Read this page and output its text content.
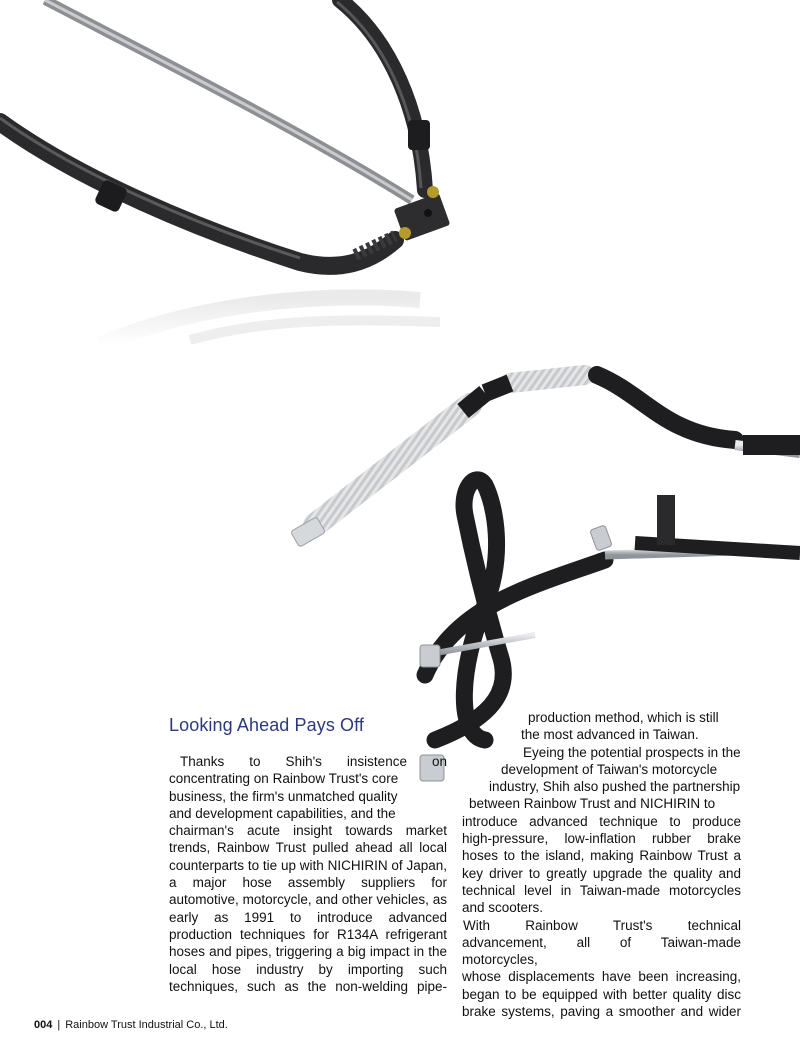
Looking Ahead Pays Off

Thanks to Shih's insistence on

concentrating on Rainbow Trust's core

business, the firm's unmatched quality

and development capabilities, and the

chairman's acute insight towards market

trends, Rainbow Trust pulled ahead all local

counterparts to tie up with NICHIRIN of Japan,

a major hose assembly suppliers for

automotive, motorcycle, and other vehicles, as

early as 1991 to introduce advanced

production techniques for R134A refrigerant

hoses and pipes, triggering a big impact in the

local hose industry by importing such

techniques, such as the non-welding pipe-

production method, which is still

the most advanced in Taiwan.

Eyeing the potential prospects in the

development of Taiwan's motorcycle

industry, Shih also pushed the partnership

between Rainbow Trust and NICHIRIN to

introduce advanced technique to produce

high-pressure, low-inflation rubber brake

hoses to the island, making Rainbow Trust a

key driver to greatly upgrade the quality and

technical level in Taiwan-made motorcycles

and scooters.

With Rainbow Trust's technical

advancement, all of Taiwan-made motorcycles,

whose displacements have been increasing,

began to be equipped with better quality disc

brake systems, paving a smoother and wider

004 | Rainbow Trust Industrial Co., Ltd.
